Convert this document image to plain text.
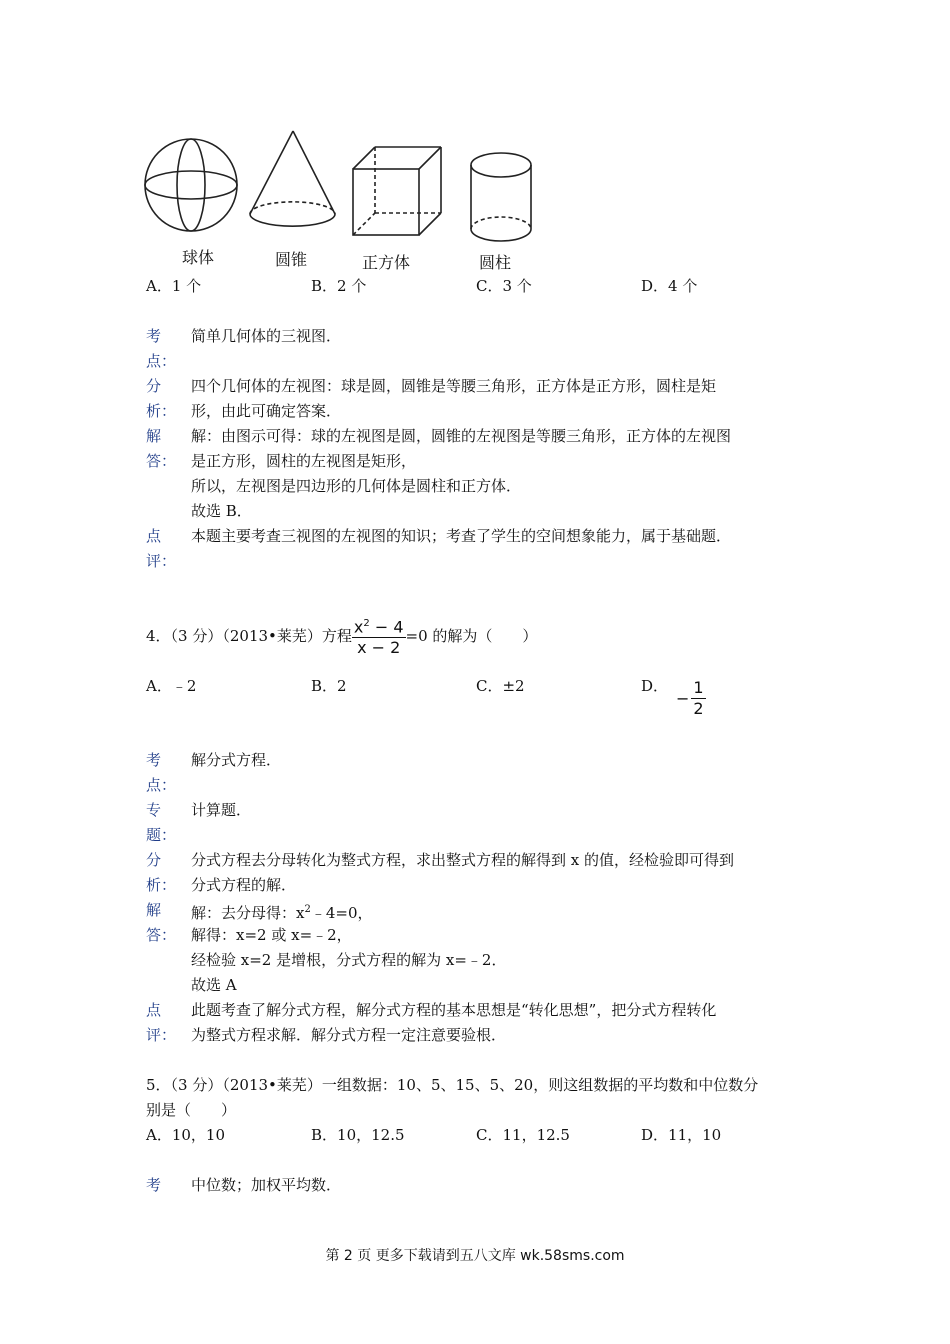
球体	圆锥	正方体	圆柱
A．1 个	B．2 个	C．3 个	D．4 个
考
点：
简单几何体的三视图．
分
析：
四个几何体的左视图：球是圆，圆锥是等腰三角形，正方体是正方形，圆柱是矩
形，由此可确定答案．
解
答：
解：由图示可得：球的左视图是圆，圆锥的左视图是等腰三角形，正方体的左视图
是正方形，圆柱的左视图是矩形，
所以，左视图是四边形的几何体是圆柱和正方体．
故选 B．
点
评：
本题主要考查三视图的左视图的知识；考查了学生的空间想象能力，属于基础题．
4．（3 分）（2013•莱芜）方程 $\frac{x^2 - 4}{x - 2} =0$ 的解为（　　）
A．﹣2	B．2	C．±2	D．
− $\frac{1}{2}$
考
点：
解分式方程．
专
题：
计算题．
分
析：
分式方程去分母转化为整式方程，求出整式方程的解得到 x 的值，经检验即可得到
分式方程的解．
解
答：
解：去分母得：$x^2﹣4=0$，
解得：x=2 或 x=﹣2，
经检验 x=2 是增根，分式方程的解为 x=﹣2．
故选 A
点
评：
此题考查了解分式方程，解分式方程的基本思想是“转化思想”，把分式方程转化
为整式方程求解．解分式方程一定注意要验根．
5．（3 分）（2013•莱芜）一组数据：10、5、15、5、20，则这组数据的平均数和中位数分
别是（　　）
A．10，10	B．10，12.5	C．11，12.5	D．11，10
考 中位数；加权平均数．
第 2 页 更多下载请到五八文库 wk.58sms.com
